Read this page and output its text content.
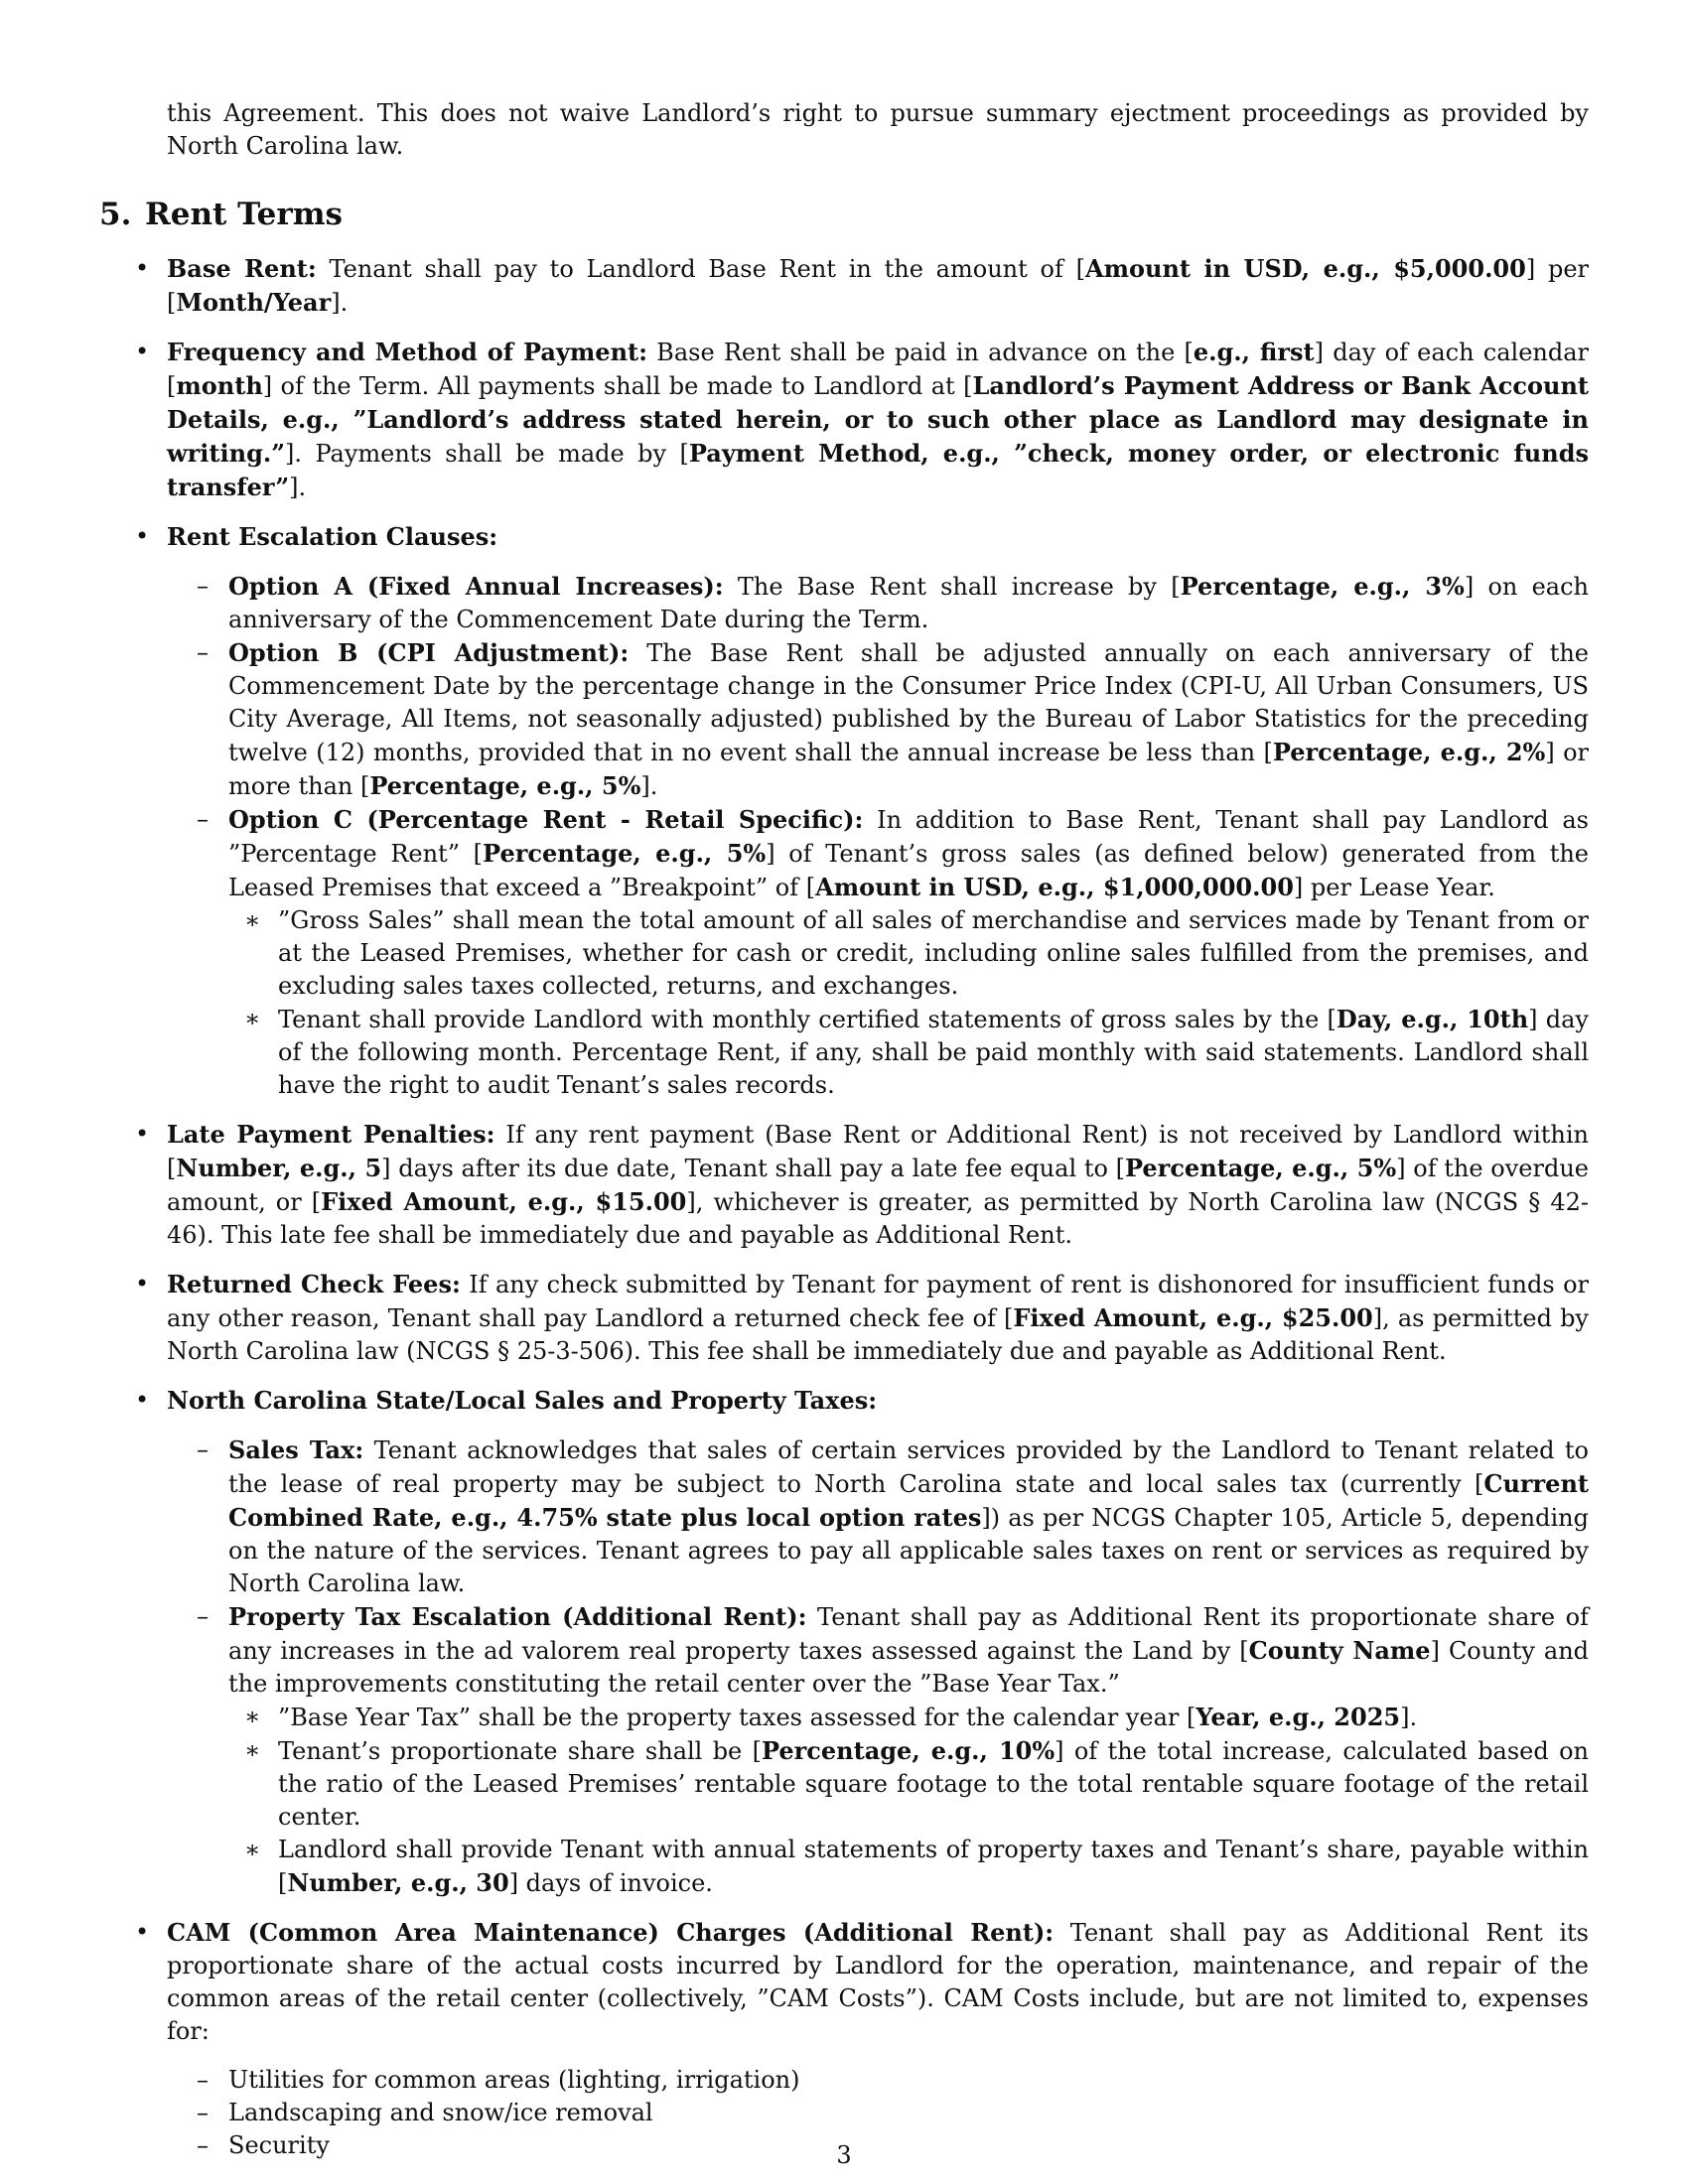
this Agreement. This does not waive Landlord’s right to pursue summary ejectment proceedings as provided by North Carolina law.

5. Rent Terms
• Base Rent: Tenant shall pay to Landlord Base Rent in the amount of [Amount in USD, e.g., $5,000.00] per [Month/Year].
• Frequency and Method of Payment: Base Rent shall be paid in advance on the [e.g., first] day of each calendar [month] of the Term. All payments shall be made to Landlord at [Landlord’s Payment Address or Bank Account Details, e.g., ”Landlord’s address stated herein, or to such other place as Landlord may designate in writing.”]. Payments shall be made by [Payment Method, e.g., ”check, money order, or electronic funds transfer”].
• Rent Escalation Clauses:
– Option A (Fixed Annual Increases): The Base Rent shall increase by [Percentage, e.g., 3%] on each anniversary of the Commencement Date during the Term.
– Option B (CPI Adjustment): The Base Rent shall be adjusted annually on each anniversary of the Commencement Date by the percentage change in the Consumer Price Index (CPI-U, All Urban Consumers, US City Average, All Items, not seasonally adjusted) published by the Bureau of Labor Statistics for the preceding twelve (12) months, provided that in no event shall the annual increase be less than [Percentage, e.g., 2%] or more than [Percentage, e.g., 5%].
– Option C (Percentage Rent - Retail Specific): In addition to Base Rent, Tenant shall pay Landlord as ”Percentage Rent” [Percentage, e.g., 5%] of Tenant’s gross sales (as defined below) generated from the Leased Premises that exceed a ”Breakpoint” of [Amount in USD, e.g., $1,000,000.00] per Lease Year.
∗ ”Gross Sales” shall mean the total amount of all sales of merchandise and services made by Tenant from or at the Leased Premises, whether for cash or credit, including online sales fulfilled from the premises, and excluding sales taxes collected, returns, and exchanges.
∗ Tenant shall provide Landlord with monthly certified statements of gross sales by the [Day, e.g., 10th] day of the following month. Percentage Rent, if any, shall be paid monthly with said statements. Landlord shall have the right to audit Tenant’s sales records.
• Late Payment Penalties: If any rent payment (Base Rent or Additional Rent) is not received by Landlord within [Number, e.g., 5] days after its due date, Tenant shall pay a late fee equal to [Percentage, e.g., 5%] of the overdue amount, or [Fixed Amount, e.g., $15.00], whichever is greater, as permitted by North Carolina law (NCGS § 42-46). This late fee shall be immediately due and payable as Additional Rent.
• Returned Check Fees: If any check submitted by Tenant for payment of rent is dishonored for insufficient funds or any other reason, Tenant shall pay Landlord a returned check fee of [Fixed Amount, e.g., $25.00], as permitted by North Carolina law (NCGS § 25-3-506). This fee shall be immediately due and payable as Additional Rent.
• North Carolina State/Local Sales and Property Taxes:
– Sales Tax: Tenant acknowledges that sales of certain services provided by the Landlord to Tenant related to the lease of real property may be subject to North Carolina state and local sales tax (currently [Current Combined Rate, e.g., 4.75% state plus local option rates]) as per NCGS Chapter 105, Article 5, depending on the nature of the services. Tenant agrees to pay all applicable sales taxes on rent or services as required by North Carolina law.
– Property Tax Escalation (Additional Rent): Tenant shall pay as Additional Rent its proportionate share of any increases in the ad valorem real property taxes assessed against the Land by [County Name] County and the improvements constituting the retail center over the ”Base Year Tax.”
∗ ”Base Year Tax” shall be the property taxes assessed for the calendar year [Year, e.g., 2025].
∗ Tenant’s proportionate share shall be [Percentage, e.g., 10%] of the total increase, calculated based on the ratio of the Leased Premises’ rentable square footage to the total rentable square footage of the retail center.
∗ Landlord shall provide Tenant with annual statements of property taxes and Tenant’s share, payable within [Number, e.g., 30] days of invoice.
• CAM (Common Area Maintenance) Charges (Additional Rent): Tenant shall pay as Additional Rent its proportionate share of the actual costs incurred by Landlord for the operation, maintenance, and repair of the common areas of the retail center (collectively, ”CAM Costs”). CAM Costs include, but are not limited to, expenses for:
– Utilities for common areas (lighting, irrigation)
– Landscaping and snow/ice removal
– Security	3
